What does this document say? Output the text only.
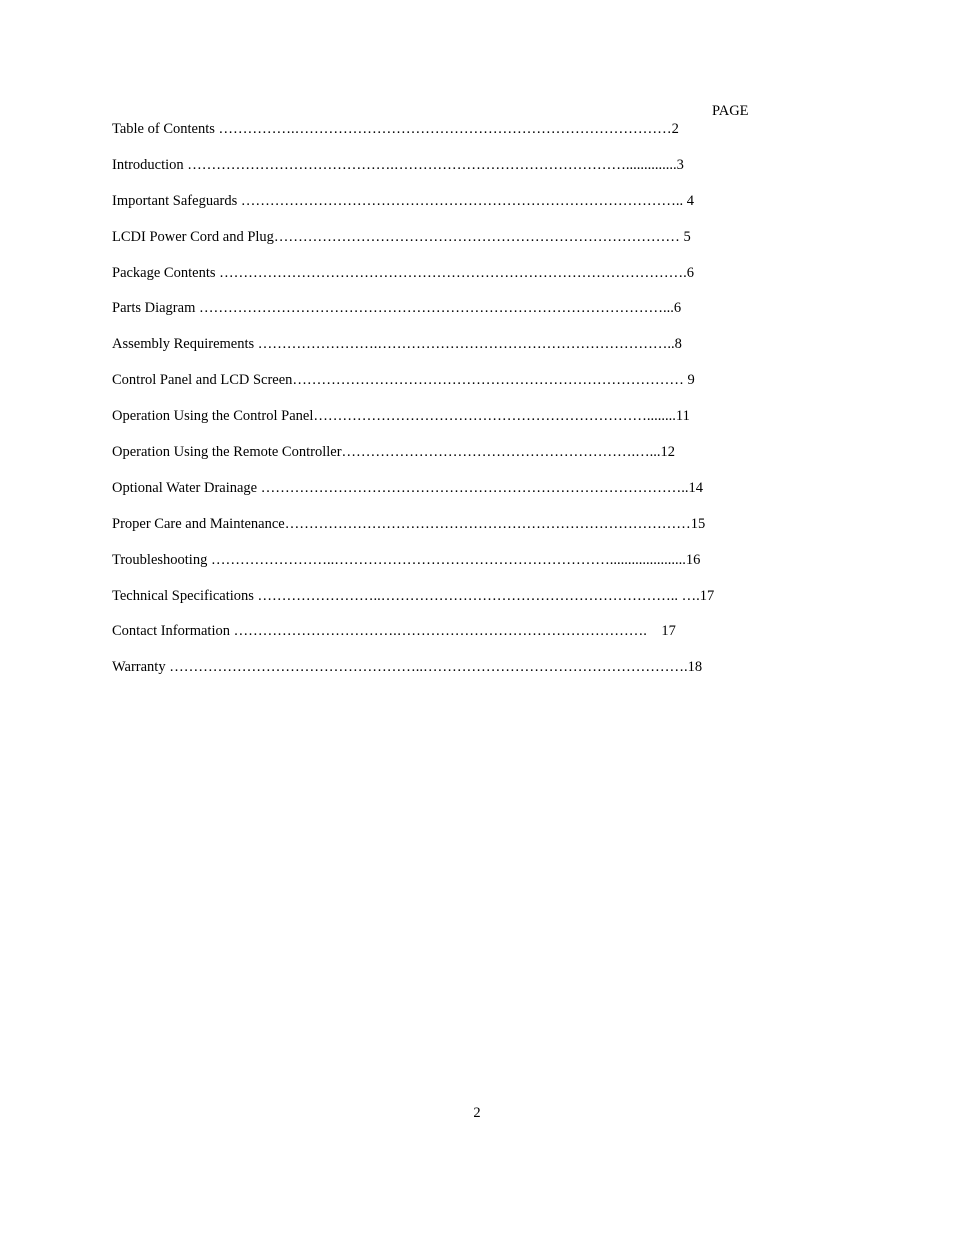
PAGE
Table of Contents …………….……………………………………………………………………2
Introduction …………………………………….…………………………………………..............3
Important Safeguards ……………………………………………………………………………….. 4
LCDI Power Cord and Plug………………………………………………………………………… 5
Package Contents …………………………………………………………………………………….6
Parts Diagram ……………………………………………………………………………………...6
Assembly Requirements …………………….……………………………………………………..8
Control Panel and LCD Screen……………………………………………………………………… 9
Operation Using the Control Panel……………………………………………………………........11
Operation Using the Remote Controller…………………………………………………….…...12
Optional Water Drainage ……………………………………………………………………………..14
Proper Care and Maintenance…………………………………………………………………………15
Troubleshooting ……………………..………………………………………………….....................16
Technical Specifications ……………………..…………………………………………………….. ….17
Contact Information …………………………….…………………………………………….    17
Warranty ……………………………………………..……………………………………………….18
2
